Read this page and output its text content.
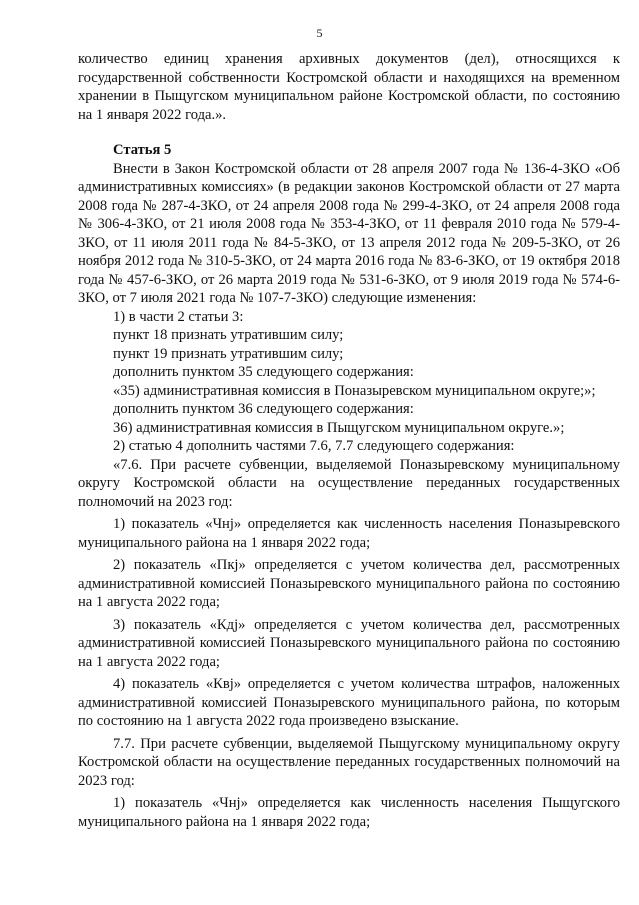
5

количество единиц хранения архивных документов (дел), относящихся к государственной собственности Костромской области и находящихся на временном хранении в Пыщугском муниципальном районе Костромской области, по состоянию на 1 января 2022 года.».

Статья 5

Внести в Закон Костромской области от 28 апреля 2007 года № 136-4-ЗКО «Об административных комиссиях» (в редакции законов Костромской области от 27 марта 2008 года № 287-4-ЗКО, от 24 апреля 2008 года № 299-4-ЗКО, от 24 апреля 2008 года № 306-4-ЗКО, от 21 июля 2008 года № 353-4-ЗКО, от 11 февраля 2010 года № 579-4-ЗКО, от 11 июля 2011 года № 84-5-ЗКО, от 13 апреля 2012 года № 209-5-ЗКО, от 26 ноября 2012 года № 310-5-ЗКО, от 24 марта 2016 года № 83-6-ЗКО, от 19 октября 2018 года № 457-6-ЗКО, от 26 марта 2019 года № 531-6-ЗКО, от 9 июля 2019 года № 574-6-ЗКО, от 7 июля 2021 года № 107-7-ЗКО) следующие изменения:

1) в части 2 статьи 3:

пункт 18 признать утратившим силу;

пункт 19 признать утратившим силу;

дополнить пунктом 35 следующего содержания:

«35) административная комиссия в Поназыревском муниципальном округе;»;

дополнить пунктом 36 следующего содержания:

36) административная комиссия в Пыщугском муниципальном округе.»;

2) статью 4 дополнить частями 7.6, 7.7 следующего содержания:

«7.6. При расчете субвенции, выделяемой Поназыревскому муниципальному округу Костромской области на осуществление переданных государственных полномочий на 2023 год:

1) показатель «Чнj» определяется как численность населения Поназыревского муниципального района на 1 января 2022 года;

2) показатель «Пкj» определяется с учетом количества дел, рассмотренных административной комиссией Поназыревского муниципального района по состоянию на 1 августа 2022 года;

3) показатель «Кдj» определяется с учетом количества дел, рассмотренных административной комиссией Поназыревского муниципального района по состоянию на 1 августа 2022 года;

4) показатель «Квj» определяется с учетом количества штрафов, наложенных административной комиссией Поназыревского муниципального района, по которым по состоянию на 1 августа 2022 года произведено взыскание.

7.7. При расчете субвенции, выделяемой Пыщугскому муниципальному округу Костромской области на осуществление переданных государственных полномочий на 2023 год:

1) показатель «Чнj» определяется как численность населения Пыщугского муниципального района на 1 января 2022 года;
